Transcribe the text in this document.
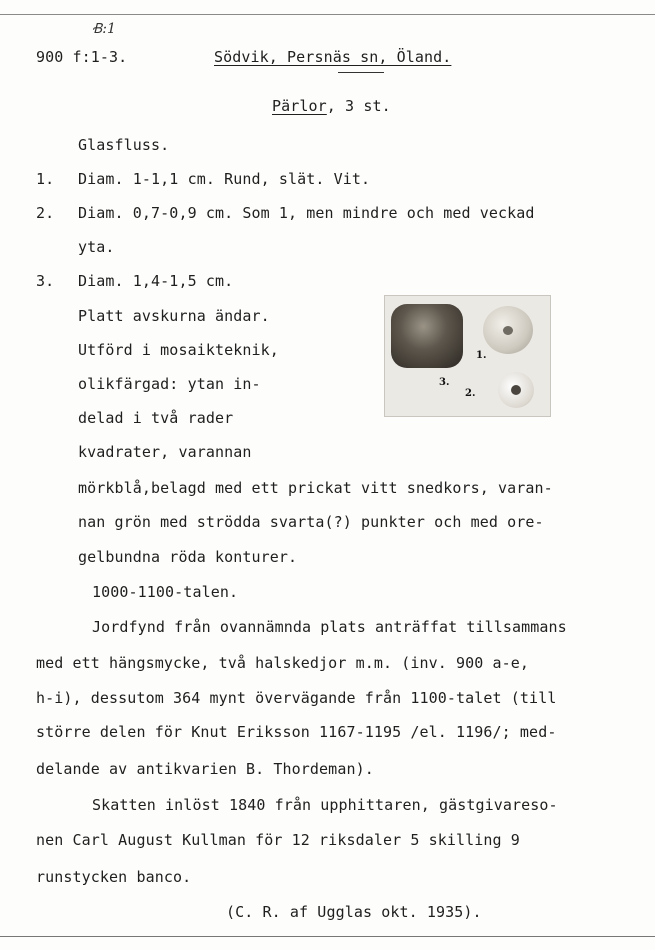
Ꞗ:1
900 f:1-3.	Södvik, Persnäs sn, Öland.
Pärlor, 3 st.
Glasfluss.
1. Diam. 1-1,1 cm. Rund, slät. Vit.
2. Diam. 0,7-0,9 cm. Som 1, men mindre och med veckad
yta.
3. Diam. 1,4-1,5 cm.
Platt avskurna ändar.
Utförd i mosaikteknik,
olikfärgad: ytan in-
delad i två rader
kvadrater, varannan
mörkblå,belagd med ett prickat vitt snedkors, varan-
nan grön med strödda svarta(?) punkter och med ore-
gelbundna röda konturer.
1000-1100-talen.
Jordfynd från ovannämnda plats anträffat tillsammans
med ett hängsmycke, två halskedjor m.m. (inv. 900 a-e,
h-i), dessutom 364 mynt övervägande från 1100-talet (till
större delen för Knut Eriksson 1167-1195 /el. 1196/; med-
delande av antikvarien B. Thordeman).
Skatten inlöst 1840 från upphittaren, gästgivareso-
nen Carl August Kullman för 12 riksdaler 5 skilling 9
runstycken banco.
(C. R. af Ugglas okt. 1935).
1.
2.
3.
